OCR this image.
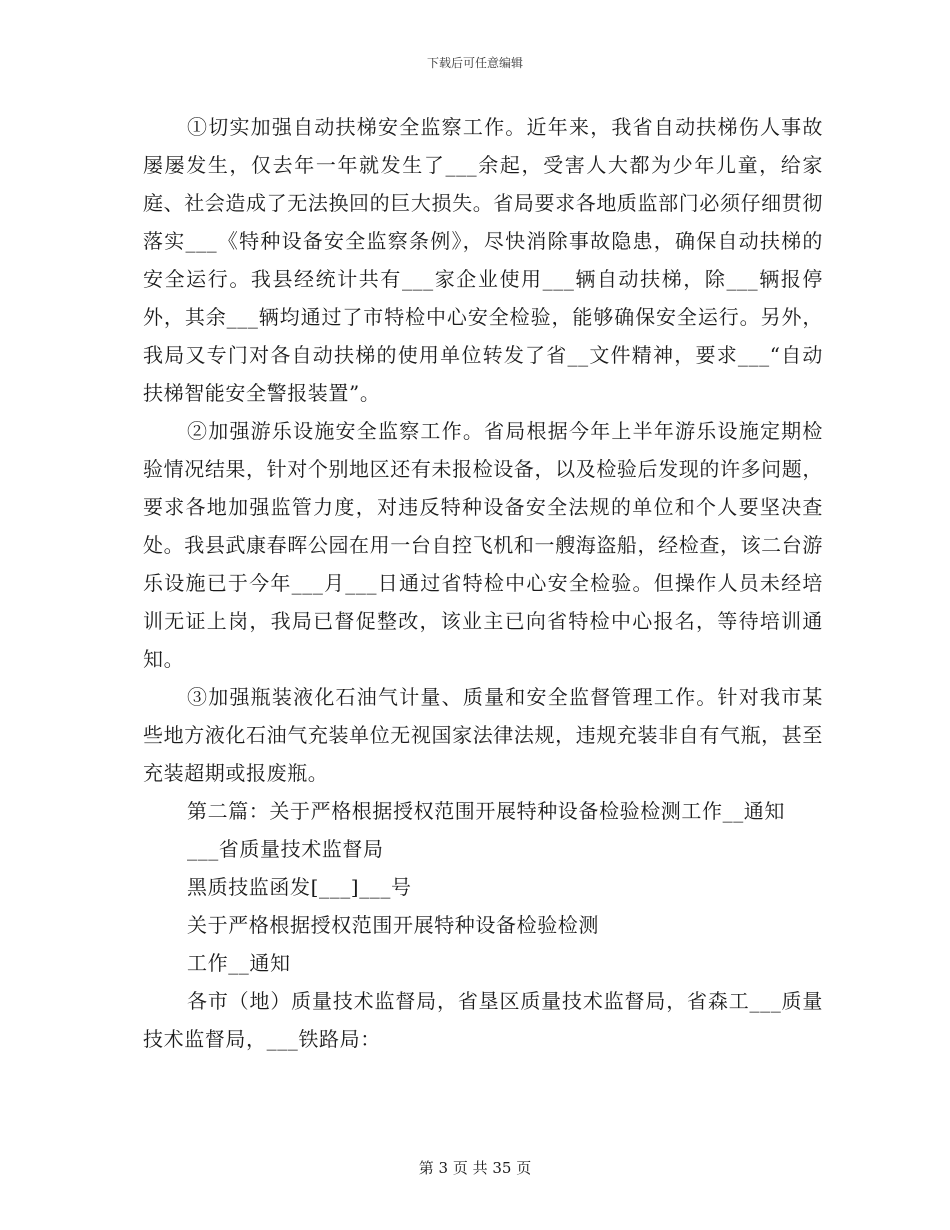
下载后可任意编辑

①切实加强自动扶梯安全监察工作。近年来，我省自动扶梯伤人事故屡屡发生，仅去年一年就发生了___余起，受害人大都为少年儿童，给家庭、社会造成了无法换回的巨大损失。省局要求各地质监部门必须仔细贯彻落实___《特种设备安全监察条例》，尽快消除事故隐患，确保自动扶梯的安全运行。我县经统计共有___家企业使用___辆自动扶梯，除___辆报停外，其余___辆均通过了市特检中心安全检验，能够确保安全运行。另外，我局又专门对各自动扶梯的使用单位转发了省__文件精神，要求___“自动扶梯智能安全警报装置”。

②加强游乐设施安全监察工作。省局根据今年上半年游乐设施定期检验情况结果，针对个别地区还有未报检设备，以及检验后发现的许多问题，要求各地加强监管力度，对违反特种设备安全法规的单位和个人要坚决查处。我县武康春晖公园在用一台自控飞机和一艘海盗船，经检查，该二台游乐设施已于今年___月___日通过省特检中心安全检验。但操作人员未经培训无证上岗，我局已督促整改，该业主已向省特检中心报名，等待培训通知。

③加强瓶装液化石油气计量、质量和安全监督管理工作。针对我市某些地方液化石油气充装单位无视国家法律法规，违规充装非自有气瓶，甚至充装超期或报废瓶。

第二篇：关于严格根据授权范围开展特种设备检验检测工作__通知

___省质量技术监督局

黑质技监函发[___]___号

关于严格根据授权范围开展特种设备检验检测

工作__通知

各市（地）质量技术监督局，省垦区质量技术监督局，省森工___质量技术监督局，___铁路局：

第 3 页 共 35 页
